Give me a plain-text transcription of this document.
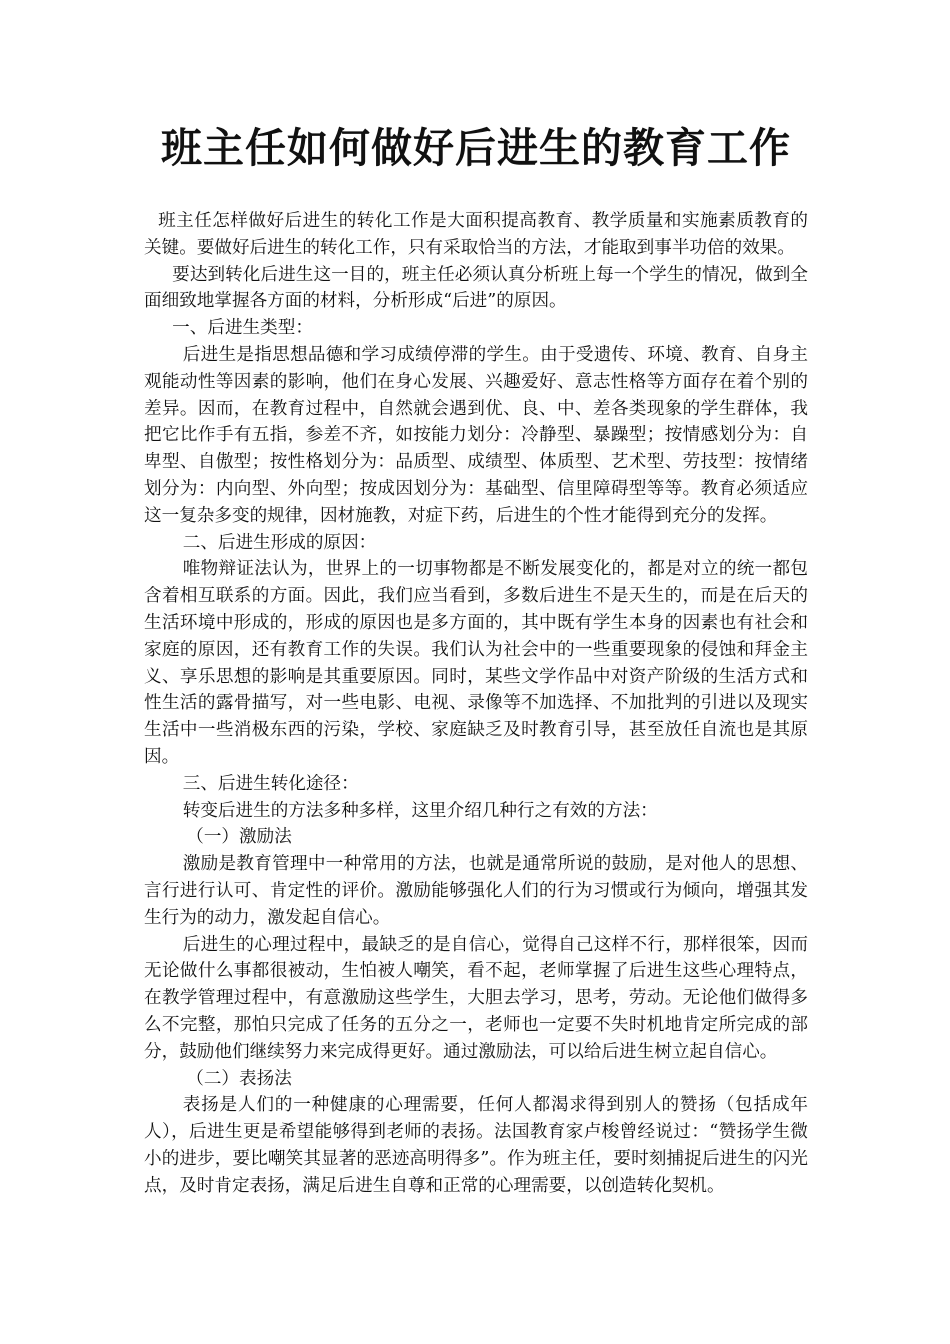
班主任如何做好后进生的教育工作

班主任怎样做好后进生的转化工作是大面积提高教育、教学质量和实施素质教育的关键。要做好后进生的转化工作，只有采取恰当的方法，才能取到事半功倍的效果。

要达到转化后进生这一目的，班主任必须认真分析班上每一个学生的情况，做到全面细致地掌握各方面的材料，分析形成“后进”的原因。

一、后进生类型：

后进生是指思想品德和学习成绩停滞的学生。由于受遗传、环境、教育、自身主观能动性等因素的影响，他们在身心发展、兴趣爱好、意志性格等方面存在着个别的差异。因而，在教育过程中，自然就会遇到优、良、中、差各类现象的学生群体，我把它比作手有五指，参差不齐，如按能力划分：冷静型、暴躁型；按情感划分为：自卑型、自傲型；按性格划分为：品质型、成绩型、体质型、艺术型、劳技型：按情绪划分为：内向型、外向型；按成因划分为：基础型、信里障碍型等等。教育必须适应这一复杂多变的规律，因材施教，对症下药，后进生的个性才能得到充分的发挥。

二、后进生形成的原因：

唯物辩证法认为，世界上的一切事物都是不断发展变化的，都是对立的统一都包含着相互联系的方面。因此，我们应当看到，多数后进生不是天生的，而是在后天的生活环境中形成的，形成的原因也是多方面的，其中既有学生本身的因素也有社会和家庭的原因，还有教育工作的失误。我们认为社会中的一些重要现象的侵蚀和拜金主义、享乐思想的影响是其重要原因。同时，某些文学作品中对资产阶级的生活方式和性生活的露骨描写，对一些电影、电视、录像等不加选择、不加批判的引进以及现实生活中一些消极东西的污染，学校、家庭缺乏及时教育引导，甚至放任自流也是其原因。

三、后进生转化途径：

转变后进生的方法多种多样，这里介绍几种行之有效的方法：

（一）激励法

激励是教育管理中一种常用的方法，也就是通常所说的鼓励，是对他人的思想、言行进行认可、肯定性的评价。激励能够强化人们的行为习惯或行为倾向，增强其发生行为的动力，激发起自信心。

后进生的心理过程中，最缺乏的是自信心，觉得自己这样不行，那样很笨，因而无论做什么事都很被动，生怕被人嘲笑，看不起，老师掌握了后进生这些心理特点，在教学管理过程中，有意激励这些学生，大胆去学习，思考，劳动。无论他们做得多么不完整，那怕只完成了任务的五分之一，老师也一定要不失时机地肯定所完成的部分，鼓励他们继续努力来完成得更好。通过激励法，可以给后进生树立起自信心。

（二）表扬法

表扬是人们的一种健康的心理需要，任何人都渴求得到别人的赞扬（包括成年人），后进生更是希望能够得到老师的表扬。法国教育家卢梭曾经说过：“赞扬学生微小的进步，要比嘲笑其显著的恶迹高明得多”。作为班主任，要时刻捕捉后进生的闪光点，及时肯定表扬，满足后进生自尊和正常的心理需要，以创造转化契机。
